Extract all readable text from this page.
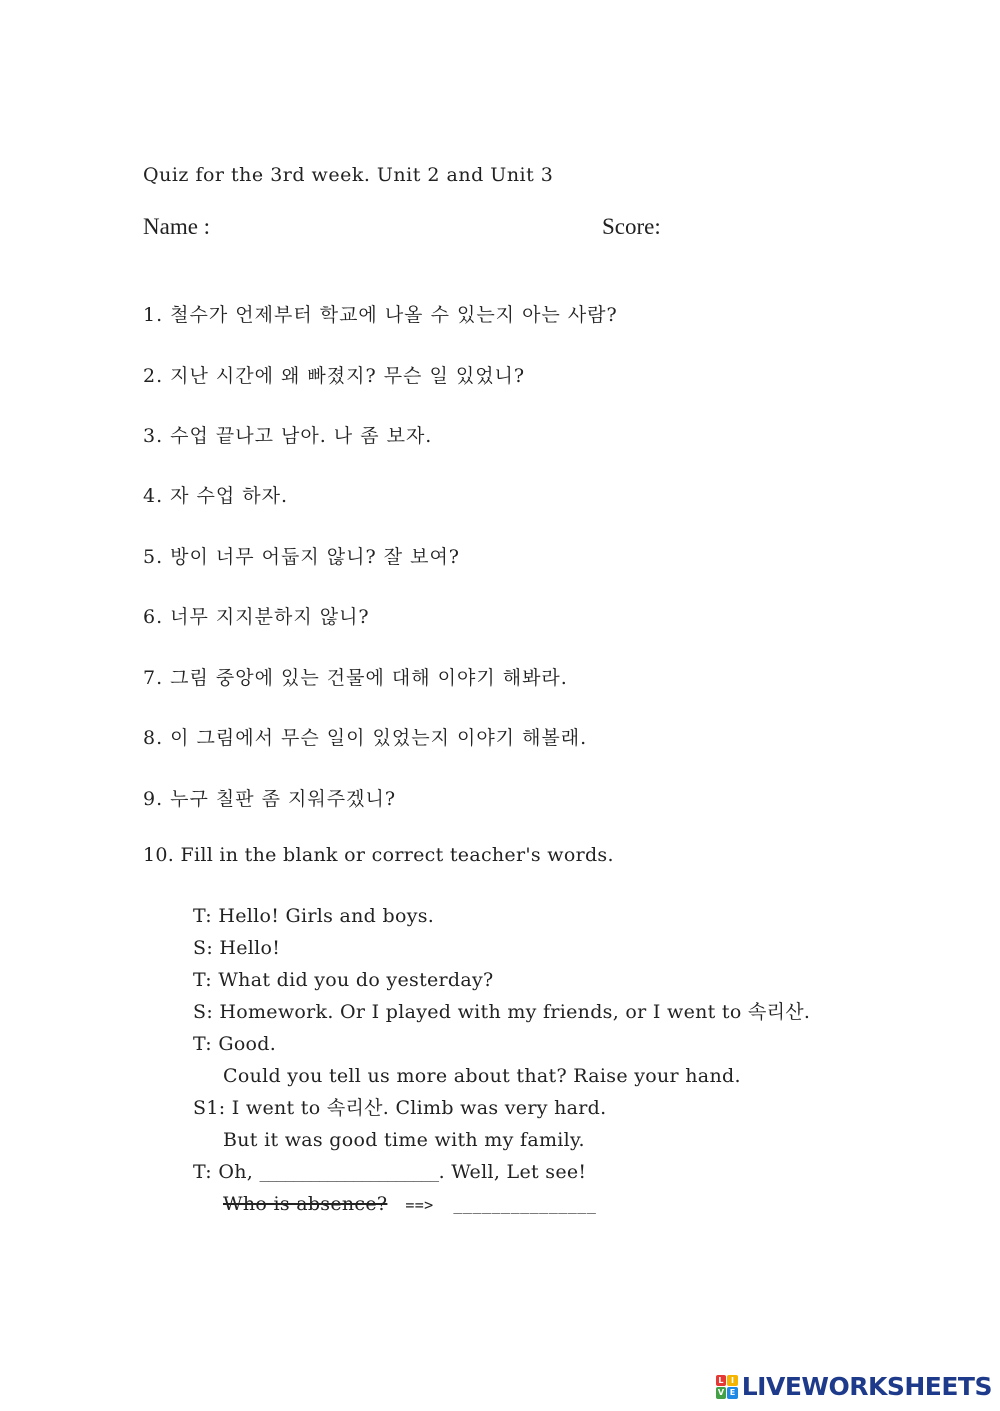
Quiz for the 3rd week. Unit 2 and Unit 3
Name :	Score:
1. 철수가 언제부터 학교에 나올 수 있는지 아는 사람?
2. 지난 시간에 왜 빠졌지? 무슨 일 있었니?
3. 수업 끝나고 남아. 나 좀 보자.
4. 자 수업 하자.
5. 방이 너무 어둡지 않니? 잘 보여?
6. 너무 지지분하지 않니?
7. 그림 중앙에 있는 건물에 대해 이야기 해봐라.
8. 이 그림에서 무슨 일이 있었는지 이야기 해볼래.
9. 누구 칠판 좀 지워주겠니?
10. Fill in the blank or correct teacher's words.
T: Hello! Girls and boys.
S: Hello!
T: What did you do yesterday?
S: Homework. Or I played with my friends, or I went to 속리산.
T: Good.
Could you tell us more about that? Raise your hand.
S1: I went to 속리산. Climb was very hard.
But it was good time with my family.
T: Oh, _____________________. Well, Let see!
Who is absence? ==> _______________
L I
V E LIVEWORKSHEETS
